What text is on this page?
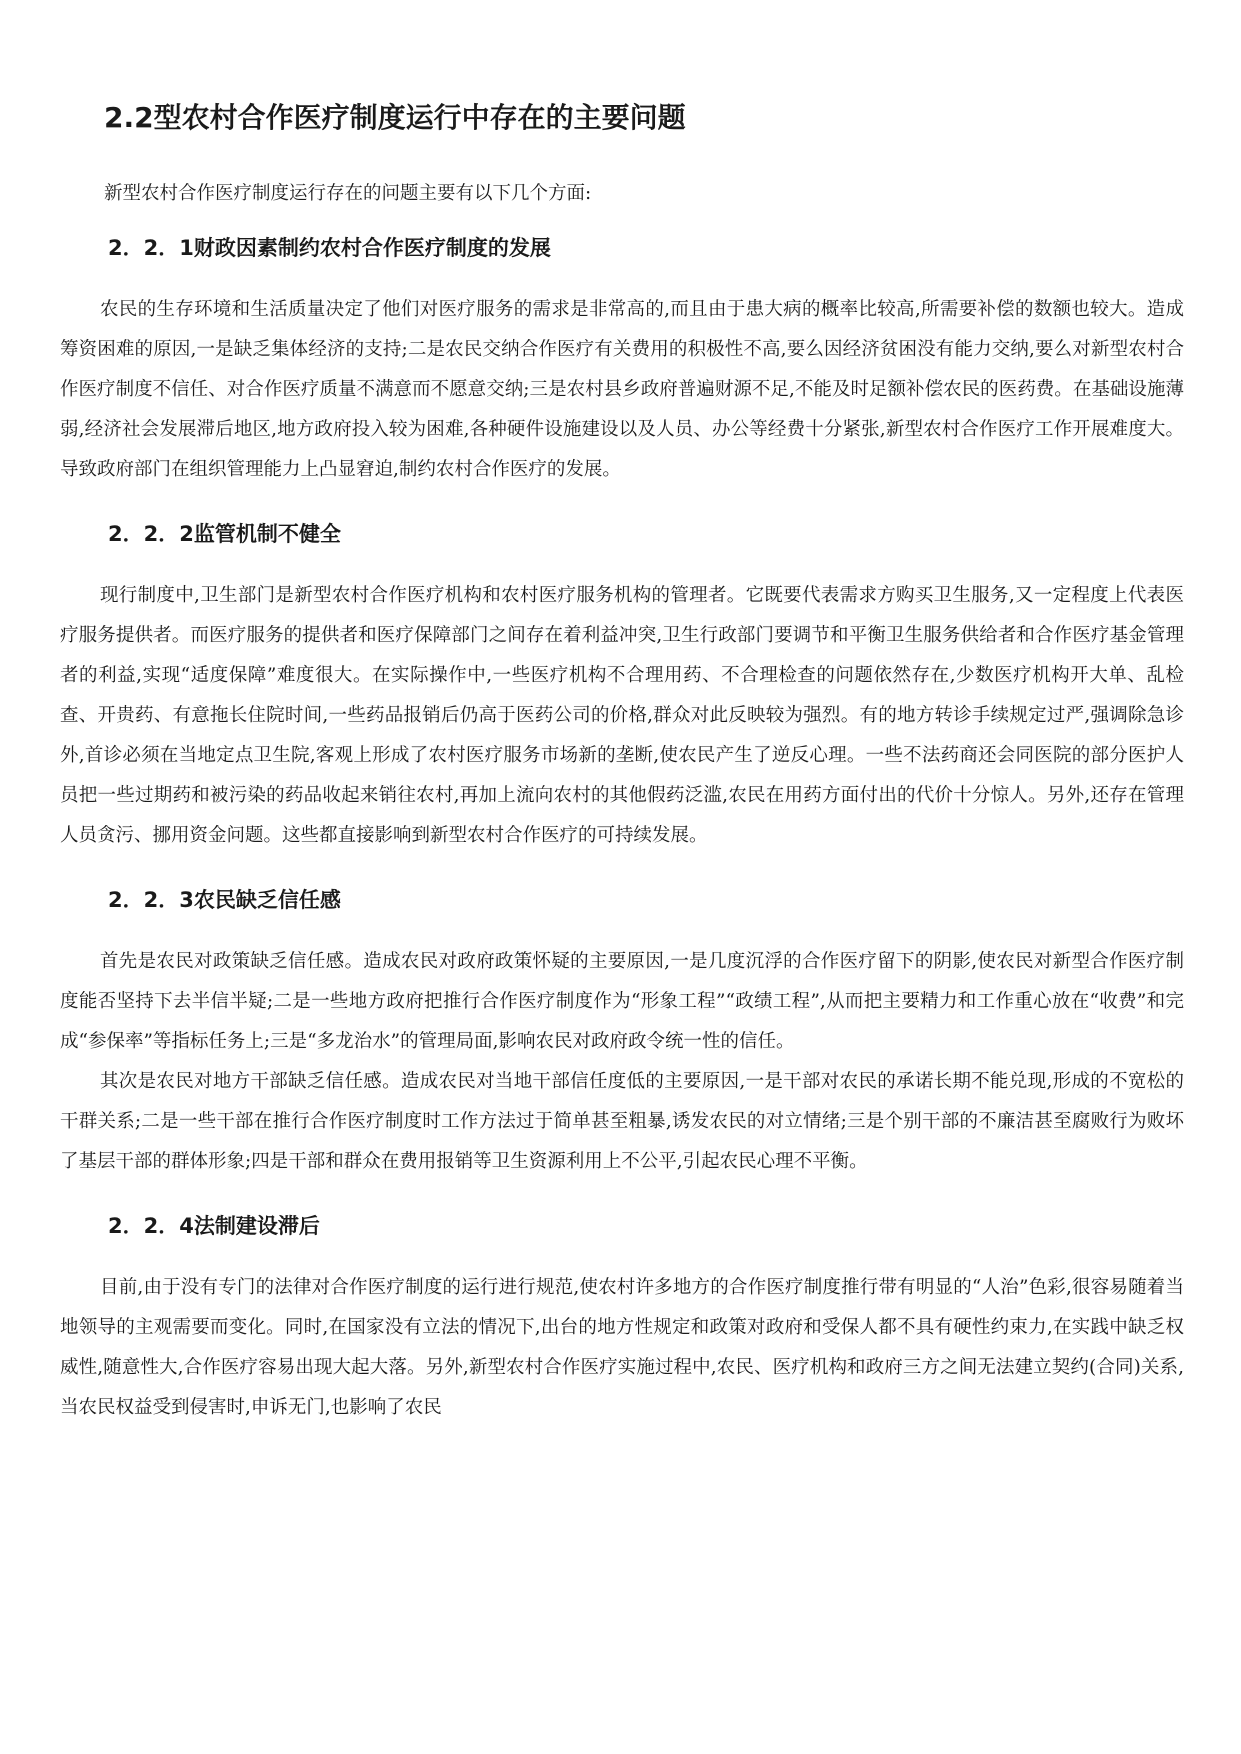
2.2型农村合作医疗制度运行中存在的主要问题

新型农村合作医疗制度运行存在的问题主要有以下几个方面:

2．2．1财政因素制约农村合作医疗制度的发展

农民的生存环境和生活质量决定了他们对医疗服务的需求是非常高的,而且由于患大病的概率比较高,所需要补偿的数额也较大。造成筹资困难的原因,一是缺乏集体经济的支持;二是农民交纳合作医疗有关费用的积极性不高,要么因经济贫困没有能力交纳,要么对新型农村合作医疗制度不信任、对合作医疗质量不满意而不愿意交纳;三是农村县乡政府普遍财源不足,不能及时足额补偿农民的医药费。在基础设施薄弱,经济社会发展滞后地区,地方政府投入较为困难,各种硬件设施建设以及人员、办公等经费十分紧张,新型农村合作医疗工作开展难度大。导致政府部门在组织管理能力上凸显窘迫,制约农村合作医疗的发展。

2．2．2监管机制不健全

现行制度中,卫生部门是新型农村合作医疗机构和农村医疗服务机构的管理者。它既要代表需求方购买卫生服务,又一定程度上代表医疗服务提供者。而医疗服务的提供者和医疗保障部门之间存在着利益冲突,卫生行政部门要调节和平衡卫生服务供给者和合作医疗基金管理者的利益,实现“适度保障”难度很大。在实际操作中,一些医疗机构不合理用药、不合理检查的问题依然存在,少数医疗机构开大单、乱检查、开贵药、有意拖长住院时间,一些药品报销后仍高于医药公司的价格,群众对此反映较为强烈。有的地方转诊手续规定过严,强调除急诊外,首诊必须在当地定点卫生院,客观上形成了农村医疗服务市场新的垄断,使农民产生了逆反心理。一些不法药商还会同医院的部分医护人员把一些过期药和被污染的药品收起来销往农村,再加上流向农村的其他假药泛滥,农民在用药方面付出的代价十分惊人。另外,还存在管理人员贪污、挪用资金问题。这些都直接影响到新型农村合作医疗的可持续发展。

2．2．3农民缺乏信任感

首先是农民对政策缺乏信任感。造成农民对政府政策怀疑的主要原因,一是几度沉浮的合作医疗留下的阴影,使农民对新型合作医疗制度能否坚持下去半信半疑;二是一些地方政府把推行合作医疗制度作为“形象工程”“政绩工程”,从而把主要精力和工作重心放在“收费”和完成“参保率”等指标任务上;三是“多龙治水”的管理局面,影响农民对政府政令统一性的信任。

其次是农民对地方干部缺乏信任感。造成农民对当地干部信任度低的主要原因,一是干部对农民的承诺长期不能兑现,形成的不宽松的干群关系;二是一些干部在推行合作医疗制度时工作方法过于简单甚至粗暴,诱发农民的对立情绪;三是个别干部的不廉洁甚至腐败行为败坏了基层干部的群体形象;四是干部和群众在费用报销等卫生资源利用上不公平,引起农民心理不平衡。

2．2．4法制建设滞后

目前,由于没有专门的法律对合作医疗制度的运行进行规范,使农村许多地方的合作医疗制度推行带有明显的“人治”色彩,很容易随着当地领导的主观需要而变化。同时,在国家没有立法的情况下,出台的地方性规定和政策对政府和受保人都不具有硬性约束力,在实践中缺乏权威性,随意性大,合作医疗容易出现大起大落。另外,新型农村合作医疗实施过程中,农民、医疗机构和政府三方之间无法建立契约(合同)关系,当农民权益受到侵害时,申诉无门,也影响了农民
